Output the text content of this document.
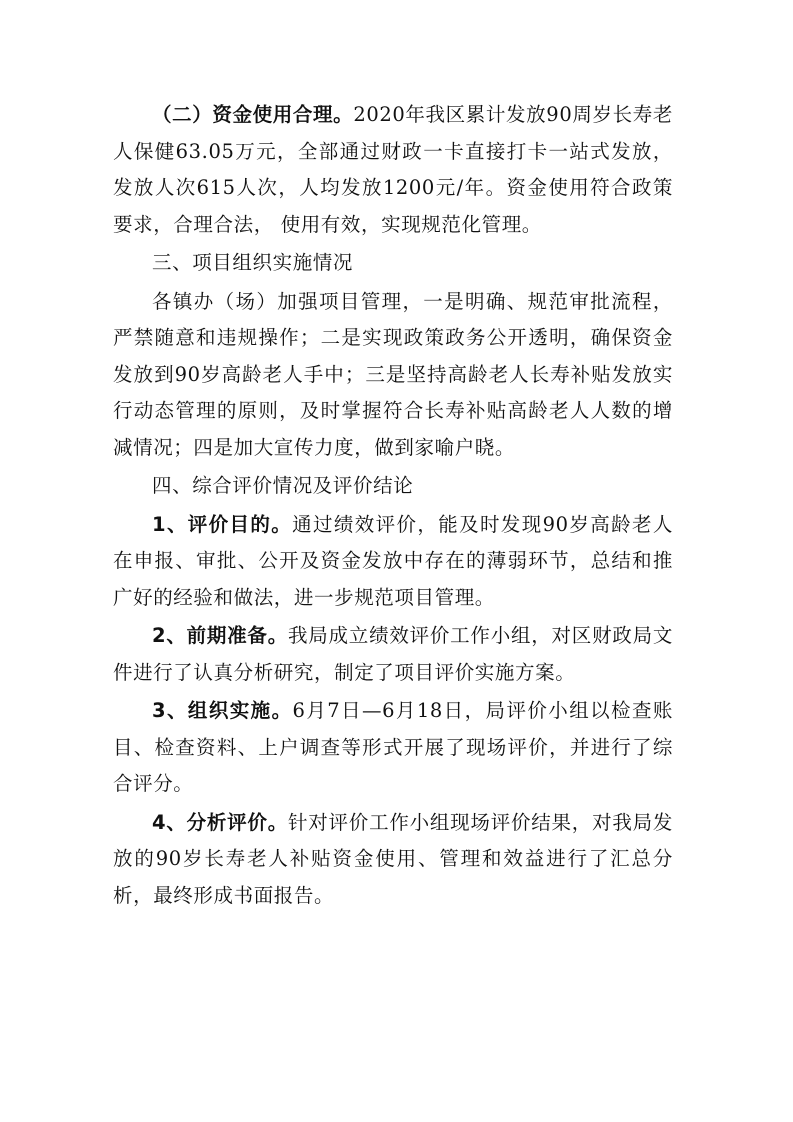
（二）资金使用合理。2020年我区累计发放90周岁长寿老人保健63.05万元，全部通过财政一卡直接打卡一站式发放，发放人次615人次，人均发放1200元/年。资金使用符合政策要求，合理合法， 使用有效，实现规范化管理。

三、项目组织实施情况

各镇办（场）加强项目管理，一是明确、规范审批流程，严禁随意和违规操作；二是实现政策政务公开透明，确保资金发放到90岁高龄老人手中；三是坚持高龄老人长寿补贴发放实行动态管理的原则，及时掌握符合长寿补贴高龄老人人数的增减情况；四是加大宣传力度，做到家喻户晓。

四、综合评价情况及评价结论

1、评价目的。通过绩效评价，能及时发现90岁高龄老人在申报、审批、公开及资金发放中存在的薄弱环节，总结和推广好的经验和做法，进一步规范项目管理。

2、前期准备。我局成立绩效评价工作小组，对区财政局文件进行了认真分析研究，制定了项目评价实施方案。

3、组织实施。6月7日—6月18日，局评价小组以检查账目、检查资料、上户调查等形式开展了现场评价，并进行了综合评分。

4、分析评价。针对评价工作小组现场评价结果，对我局发放的90岁长寿老人补贴资金使用、管理和效益进行了汇总分析，最终形成书面报告。
